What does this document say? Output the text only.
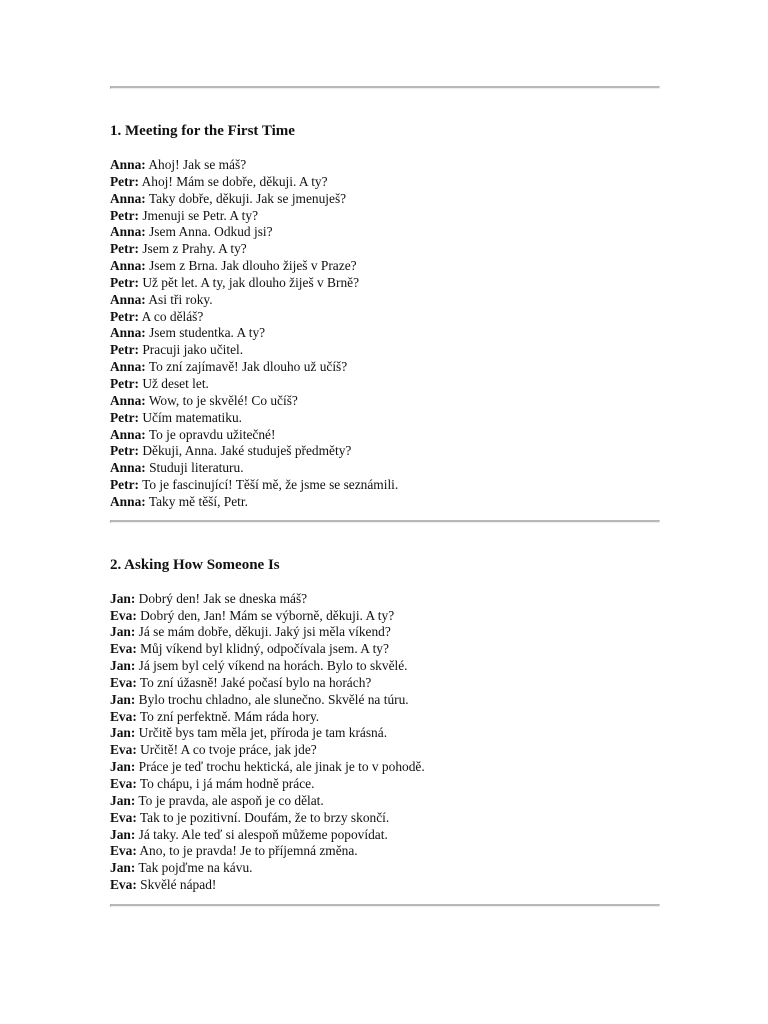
1. Meeting for the First Time
Anna: Ahoj! Jak se máš?
Petr: Ahoj! Mám se dobře, děkuji. A ty?
Anna: Taky dobře, děkuji. Jak se jmenuješ?
Petr: Jmenuji se Petr. A ty?
Anna: Jsem Anna. Odkud jsi?
Petr: Jsem z Prahy. A ty?
Anna: Jsem z Brna. Jak dlouho žiješ v Praze?
Petr: Už pět let. A ty, jak dlouho žiješ v Brně?
Anna: Asi tři roky.
Petr: A co děláš?
Anna: Jsem studentka. A ty?
Petr: Pracuji jako učitel.
Anna: To zní zajímavě! Jak dlouho už učíš?
Petr: Už deset let.
Anna: Wow, to je skvělé! Co učíš?
Petr: Učím matematiku.
Anna: To je opravdu užitečné!
Petr: Děkuji, Anna. Jaké studuješ předměty?
Anna: Studuji literaturu.
Petr: To je fascinující! Těší mě, že jsme se seznámili.
Anna: Taky mě těší, Petr.
2. Asking How Someone Is
Jan: Dobrý den! Jak se dneska máš?
Eva: Dobrý den, Jan! Mám se výborně, děkuji. A ty?
Jan: Já se mám dobře, děkuji. Jaký jsi měla víkend?
Eva: Můj víkend byl klidný, odpočívala jsem. A ty?
Jan: Já jsem byl celý víkend na horách. Bylo to skvělé.
Eva: To zní úžasně! Jaké počasí bylo na horách?
Jan: Bylo trochu chladno, ale slunečno. Skvělé na túru.
Eva: To zní perfektně. Mám ráda hory.
Jan: Určitě bys tam měla jet, příroda je tam krásná.
Eva: Určitě! A co tvoje práce, jak jde?
Jan: Práce je teď trochu hektická, ale jinak je to v pohodě.
Eva: To chápu, i já mám hodně práce.
Jan: To je pravda, ale aspoň je co dělat.
Eva: Tak to je pozitivní. Doufám, že to brzy skončí.
Jan: Já taky. Ale teď si alespoň můžeme popovídat.
Eva: Ano, to je pravda! Je to příjemná změna.
Jan: Tak pojďme na kávu.
Eva: Skvělé nápad!
